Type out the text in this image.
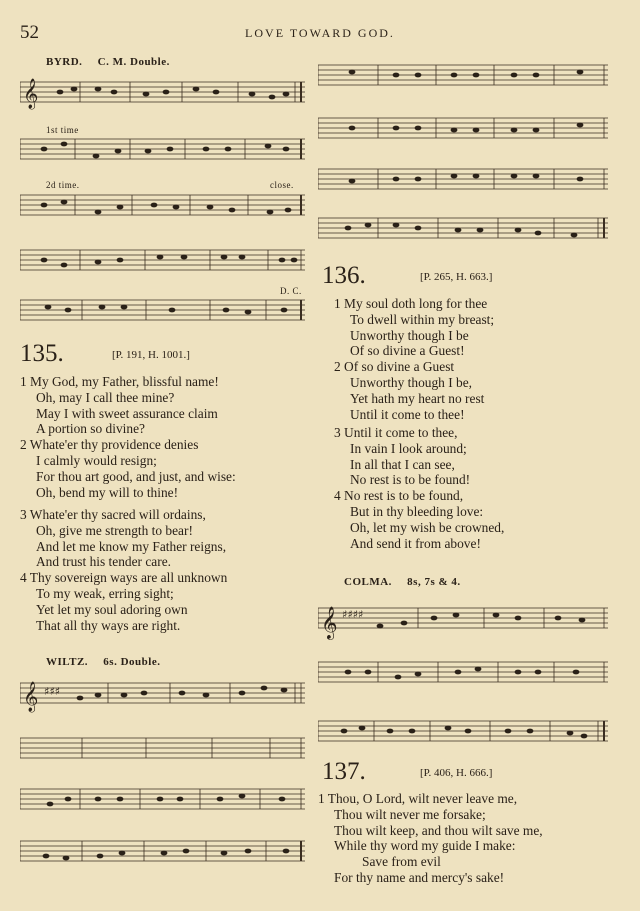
52	LOVE TOWARD GOD.
BYRD. C. M. Double.
𝄞
1st time
2d time.	close.
D. C.
135.	[P. 191, H. 1001.]
1 My God, my Father, blissful name!
Oh, may I call thee mine?
May I with sweet assurance claim
A portion so divine?
2 Whate'er thy providence denies
I calmly would resign;
For thou art good, and just, and wise:
Oh, bend my will to thine!
3 Whate'er thy sacred will ordains,
Oh, give me strength to bear!
And let me know my Father reigns,
And trust his tender care.
4 Thy sovereign ways are all unknown
To my weak, erring sight;
Yet let my soul adoring own
That all thy ways are right.
WILTZ. 6s. Double.
𝄞 ♯♯♯
136.	[P. 265, H. 663.]
1 My soul doth long for thee
To dwell within my breast;
Unworthy though I be
Of so divine a Guest!
2 Of so divine a Guest
Unworthy though I be,
Yet hath my heart no rest
Until it come to thee!
3 Until it come to thee,
In vain I look around;
In all that I can see,
No rest is to be found!
4 No rest is to be found,
But in thy bleeding love:
Oh, let my wish be crowned,
And send it from above!
COLMA. 8s, 7s & 4.
𝄞 ♯♯♯♯
137.	[P. 406, H. 666.]
1 Thou, O Lord, wilt never leave me,
Thou wilt never me forsake;
Thou wilt keep, and thou wilt save me,
While thy word my guide I make:
Save from evil
For thy name and mercy's sake!
